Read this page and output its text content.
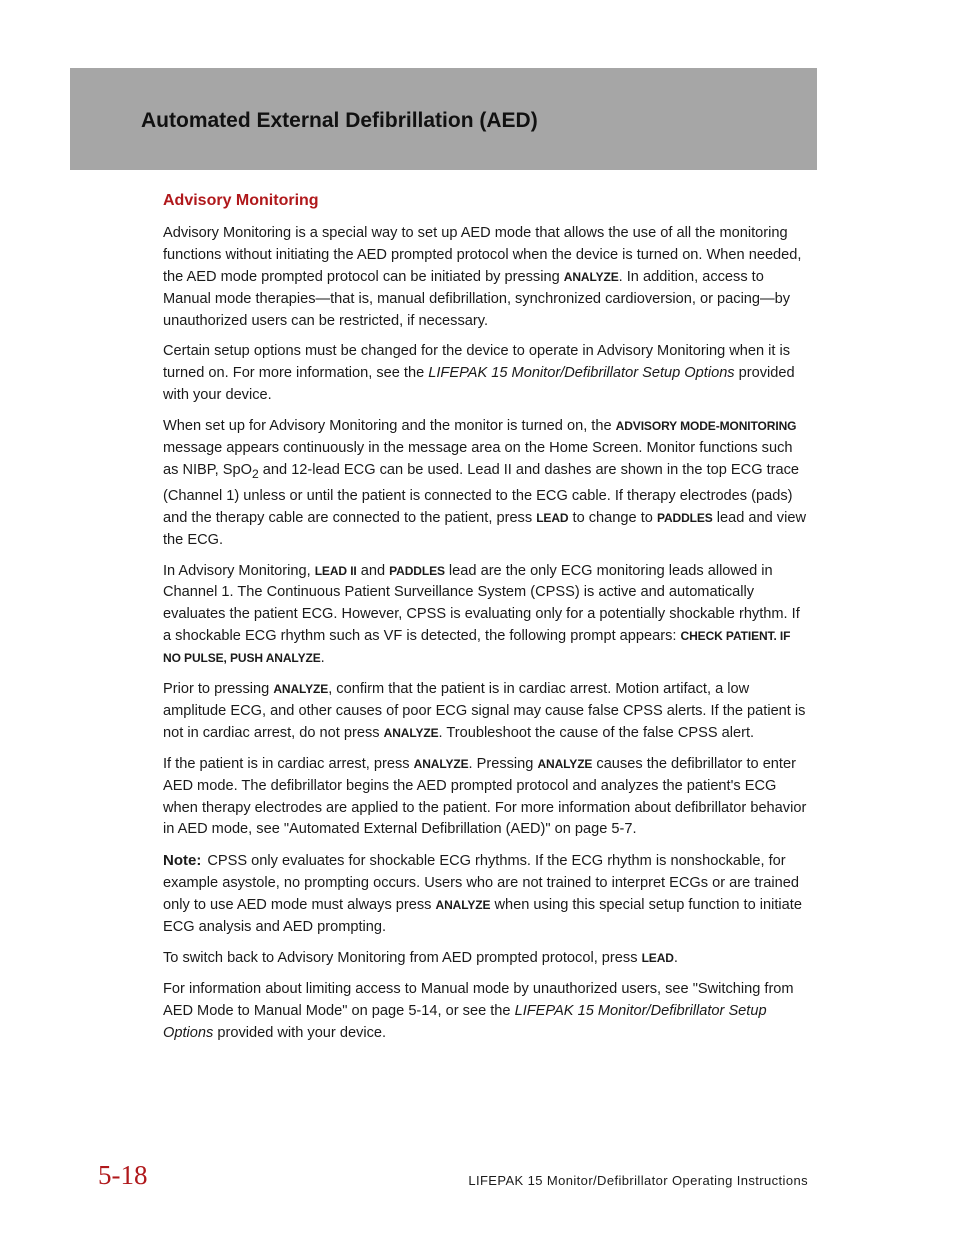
Automated External Defibrillation (AED)
Advisory Monitoring

Advisory Monitoring is a special way to set up AED mode that allows the use of all the monitoring functions without initiating the AED prompted protocol when the device is turned on. When needed, the AED mode prompted protocol can be initiated by pressing ANALYZE. In addition, access to Manual mode therapies—that is, manual defibrillation, synchronized cardioversion, or pacing—by unauthorized users can be restricted, if necessary.

Certain setup options must be changed for the device to operate in Advisory Monitoring when it is turned on. For more information, see the LIFEPAK 15 Monitor/Defibrillator Setup Options provided with your device.

When set up for Advisory Monitoring and the monitor is turned on, the ADVISORY MODE-MONITORING message appears continuously in the message area on the Home Screen. Monitor functions such as NIBP, SpO$_2$ and 12-lead ECG can be used. Lead II and dashes are shown in the top ECG trace (Channel 1) unless or until the patient is connected to the ECG cable. If therapy electrodes (pads) and the therapy cable are connected to the patient, press LEAD to change to PADDLES lead and view the ECG.

In Advisory Monitoring, LEAD II and PADDLES lead are the only ECG monitoring leads allowed in Channel 1. The Continuous Patient Surveillance System (CPSS) is active and automatically evaluates the patient ECG. However, CPSS is evaluating only for a potentially shockable rhythm. If a shockable ECG rhythm such as VF is detected, the following prompt appears: CHECK PATIENT. IF NO PULSE, PUSH ANALYZE.

Prior to pressing ANALYZE, confirm that the patient is in cardiac arrest. Motion artifact, a low amplitude ECG, and other causes of poor ECG signal may cause false CPSS alerts. If the patient is not in cardiac arrest, do not press ANALYZE. Troubleshoot the cause of the false CPSS alert.

If the patient is in cardiac arrest, press ANALYZE. Pressing ANALYZE causes the defibrillator to enter AED mode. The defibrillator begins the AED prompted protocol and analyzes the patient's ECG when therapy electrodes are applied to the patient. For more information about defibrillator behavior in AED mode, see "Automated External Defibrillation (AED)" on page 5-7.

Note: CPSS only evaluates for shockable ECG rhythms. If the ECG rhythm is nonshockable, for example asystole, no prompting occurs. Users who are not trained to interpret ECGs or are trained only to use AED mode must always press ANALYZE when using this special setup function to initiate ECG analysis and AED prompting.

To switch back to Advisory Monitoring from AED prompted protocol, press LEAD.

For information about limiting access to Manual mode by unauthorized users, see "Switching from AED Mode to Manual Mode" on page 5-14, or see the LIFEPAK 15 Monitor/Defibrillator Setup Options provided with your device.

5-18	LIFEPAK 15 Monitor/Defibrillator Operating Instructions
